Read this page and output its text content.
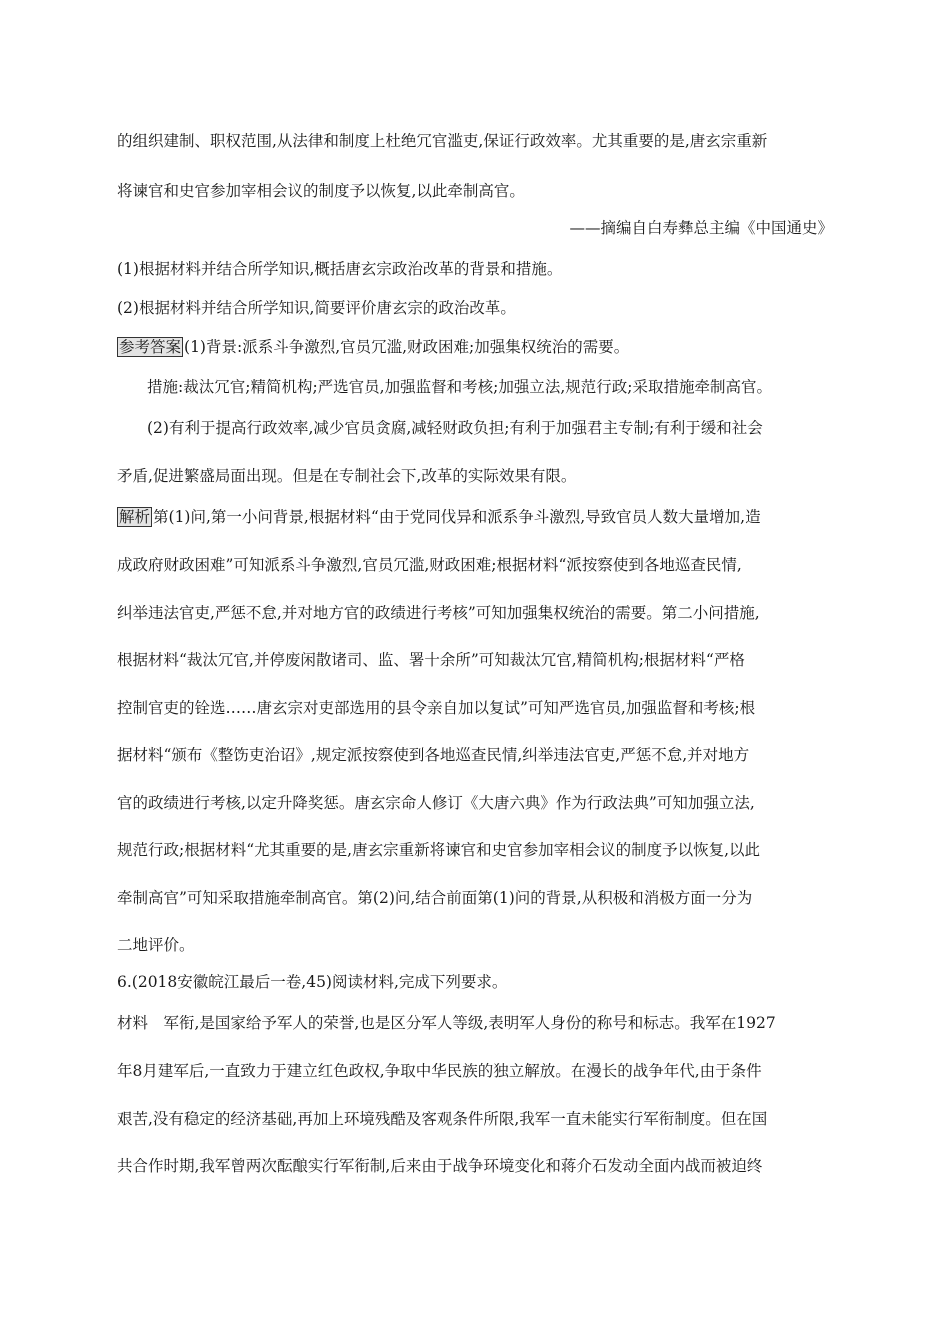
的组织建制、职权范围,从法律和制度上杜绝冗官滥吏,保证行政效率。尤其重要的是,唐玄宗重新
将谏官和史官参加宰相会议的制度予以恢复,以此牵制高官。
——摘编自白寿彝总主编《中国通史》
(1)根据材料并结合所学知识,概括唐玄宗政治改革的背景和措施。
(2)根据材料并结合所学知识,简要评价唐玄宗的政治改革。
参考答案 (1)背景:派系斗争激烈,官员冗滥,财政困难;加强集权统治的需要。
措施:裁汰冗官;精简机构;严选官员,加强监督和考核;加强立法,规范行政;采取措施牵制高官。
(2)有利于提高行政效率,减少官员贪腐,减轻财政负担;有利于加强君主专制;有利于缓和社会
矛盾,促进繁盛局面出现。但是在专制社会下,改革的实际效果有限。
解析 第(1)问,第一小问背景,根据材料“由于党同伐异和派系争斗激烈,导致官员人数大量增加,造
成政府财政困难”可知派系斗争激烈,官员冗滥,财政困难;根据材料“派按察使到各地巡查民情,
纠举违法官吏,严惩不怠,并对地方官的政绩进行考核”可知加强集权统治的需要。第二小问措施,
根据材料“裁汰冗官,并停废闲散诸司、监、署十余所”可知裁汰冗官,精简机构;根据材料“严格
控制官吏的铨选……唐玄宗对吏部选用的县令亲自加以复试”可知严选官员,加强监督和考核;根
据材料“颁布《整饬吏治诏》,规定派按察使到各地巡查民情,纠举违法官吏,严惩不怠,并对地方
官的政绩进行考核,以定升降奖惩。唐玄宗命人修订《大唐六典》作为行政法典”可知加强立法,
规范行政;根据材料“尤其重要的是,唐玄宗重新将谏官和史官参加宰相会议的制度予以恢复,以此
牵制高官”可知采取措施牵制高官。第(2)问,结合前面第(1)问的背景,从积极和消极方面一分为
二地评价。
6.(2018安徽皖江最后一卷,45)阅读材料,完成下列要求。
材料　军衔,是国家给予军人的荣誉,也是区分军人等级,表明军人身份的称号和标志。我军在1927
年8月建军后,一直致力于建立红色政权,争取中华民族的独立解放。在漫长的战争年代,由于条件
艰苦,没有稳定的经济基础,再加上环境残酷及客观条件所限,我军一直未能实行军衔制度。但在国
共合作时期,我军曾两次酝酿实行军衔制,后来由于战争环境变化和蒋介石发动全面内战而被迫终
